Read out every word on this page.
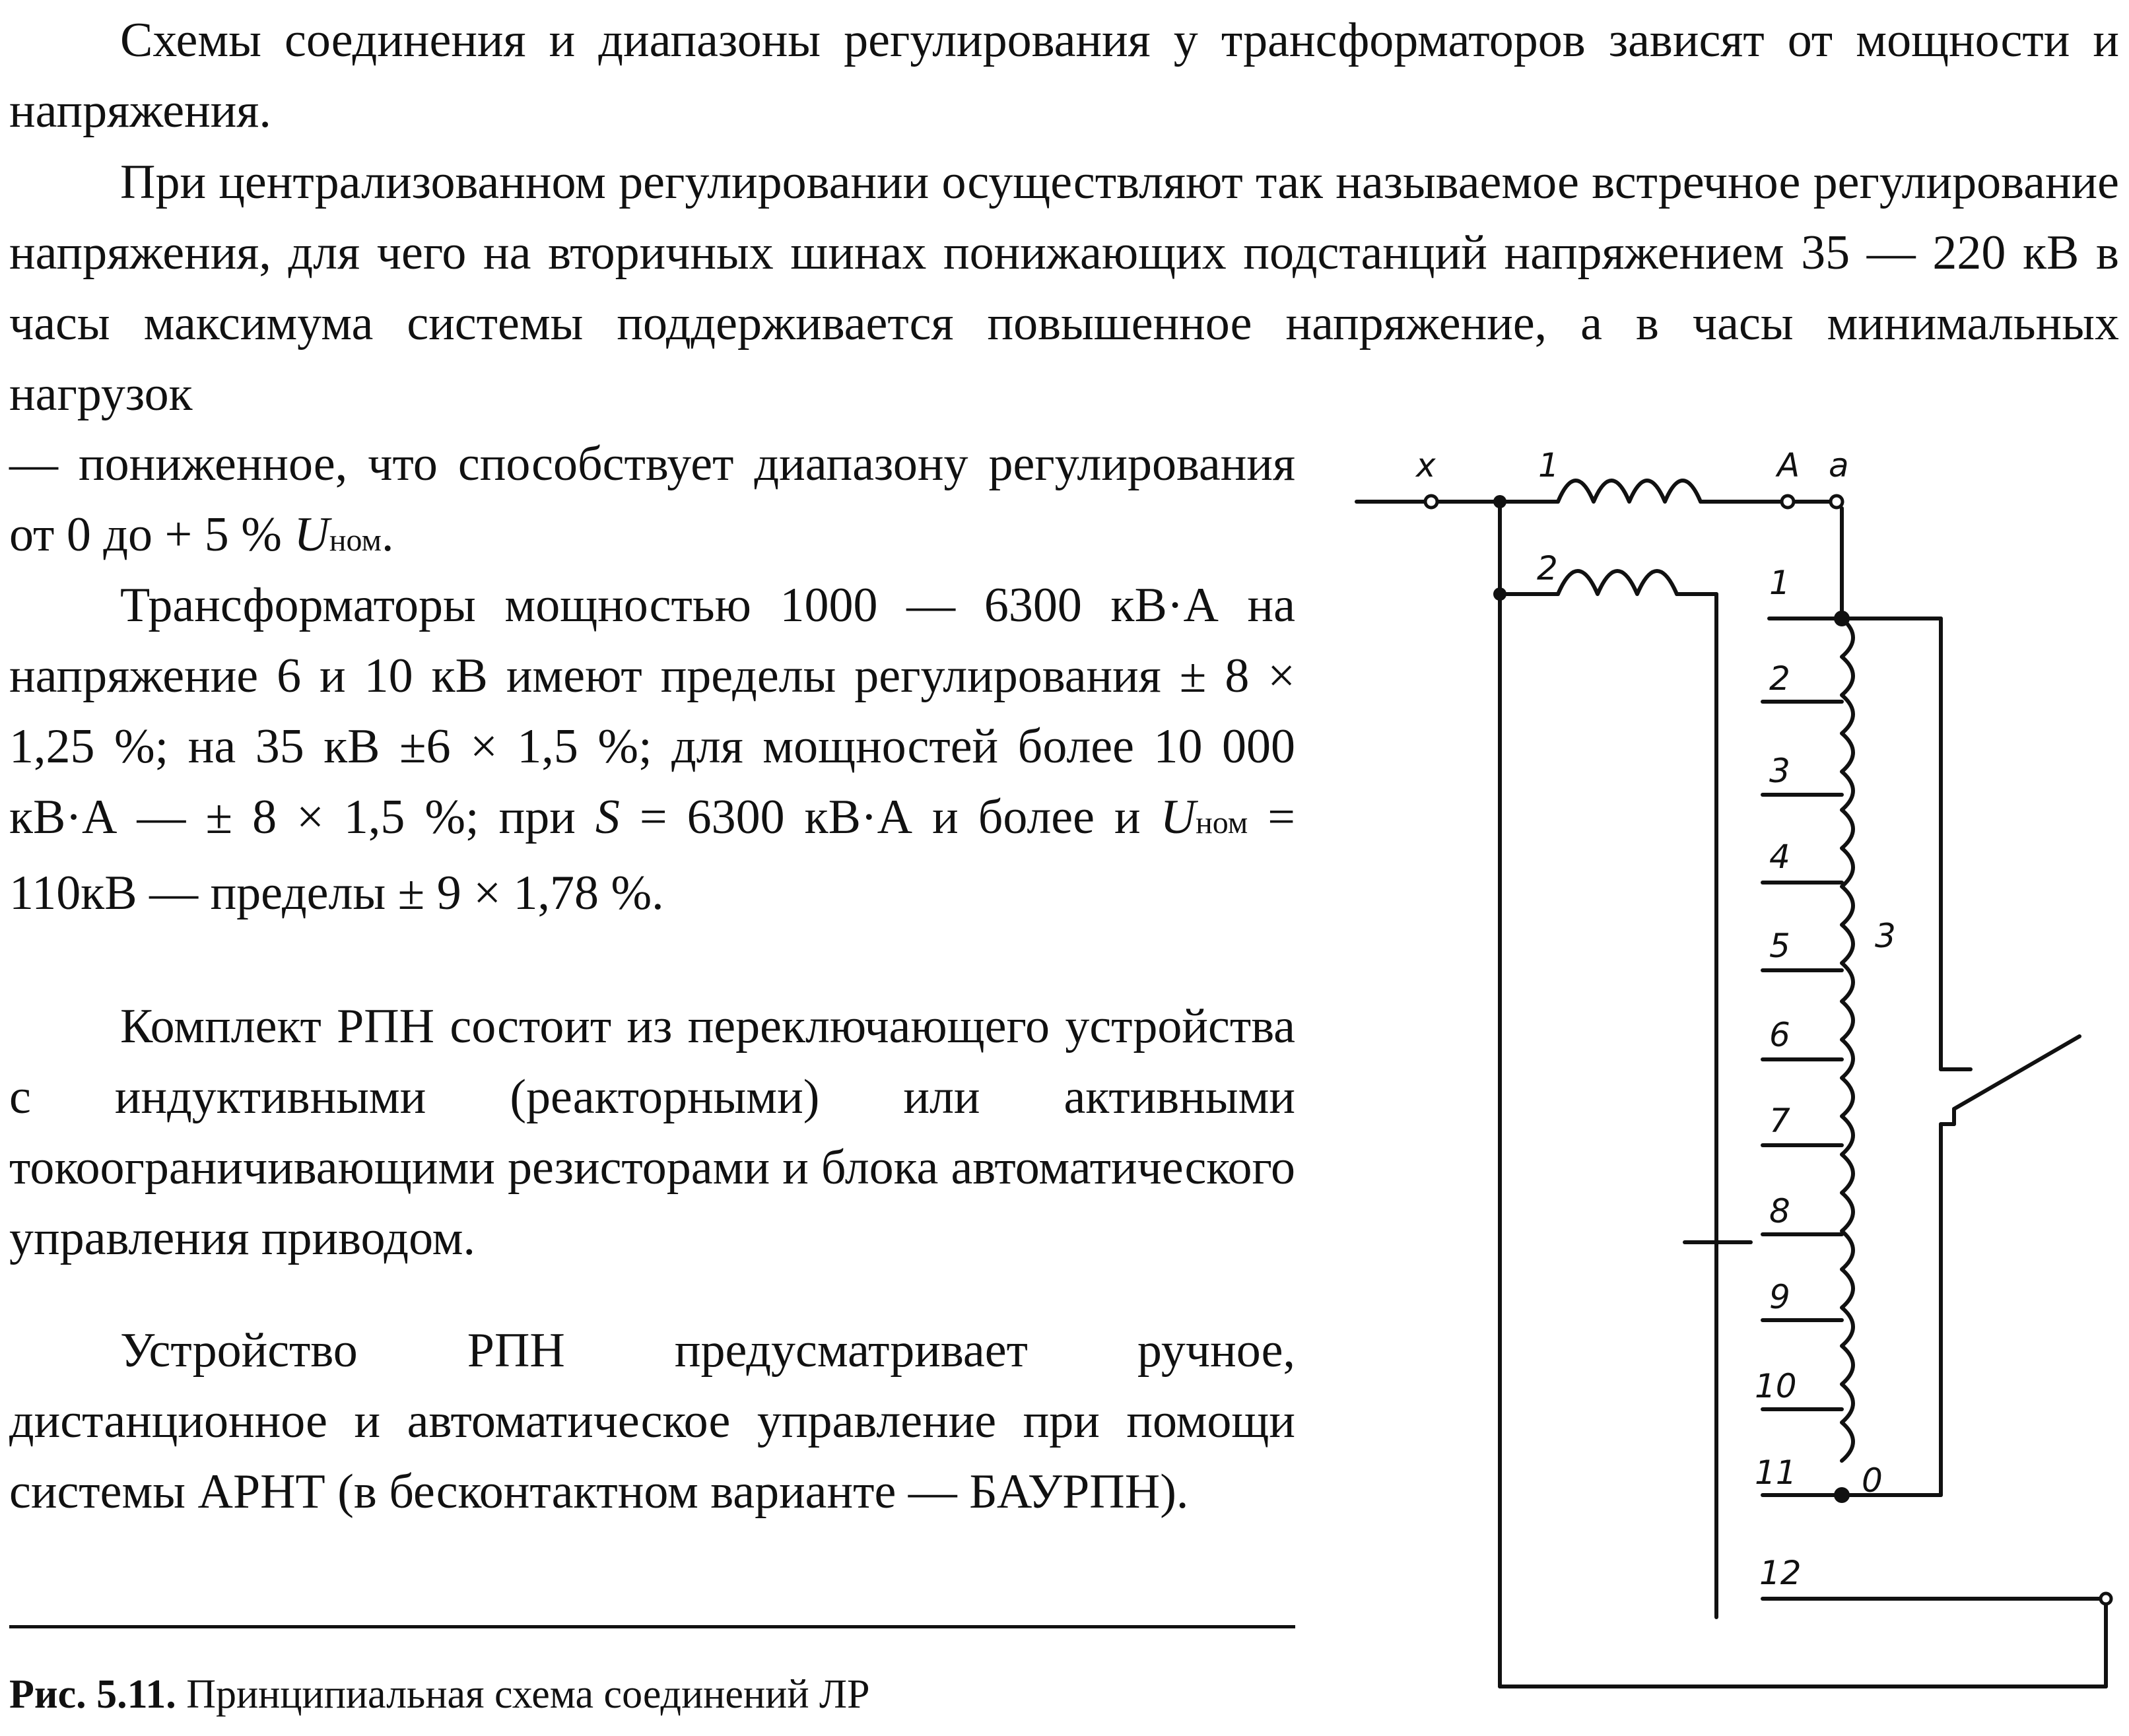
Схемы соединения и диапазоны регулирования у трансформаторов зависят от мощности и напряжения.

При централизованном регулировании осуществляют так называемое встречное регулирование напряжения, для чего на вторичных шинах понижающих подстанций напряжением 35 — 220 кВ в часы максимума системы поддерживается повышенное напряжение, а в часы минимальных нагрузок

— пониженное, что способствует диапазону регулирования от 0 до + 5 % Uном.

Трансформаторы мощностью 1000 — 6300 кВ·А на напряжение 6 и 10 кВ имеют пределы регулирования ± 8 × 1,25 %; на 35 кВ ±6 × 1,5 %; для мощностей более 10 000 кВ·А — ± 8 × 1,5 %; при S = 6300 кВ·А и более и Uном = 110кВ — пределы ± 9 × 1,78 %.

Комплект РПН состоит из переключающего устройства с индуктивными (реакторными) или активными токоограничивающими резисторами и блока автоматического управления приводом.

Устройство РПН предусматривает ручное, дистанционное и автоматическое управление при помощи системы АРНТ (в бесконтактном варианте — БАУРПН).

Рис. 5.11. Принципиальная схема соединений ЛР

x	1	A a
2
3
0
1
2
3
4
5
6
7
8
9
10
11
12
